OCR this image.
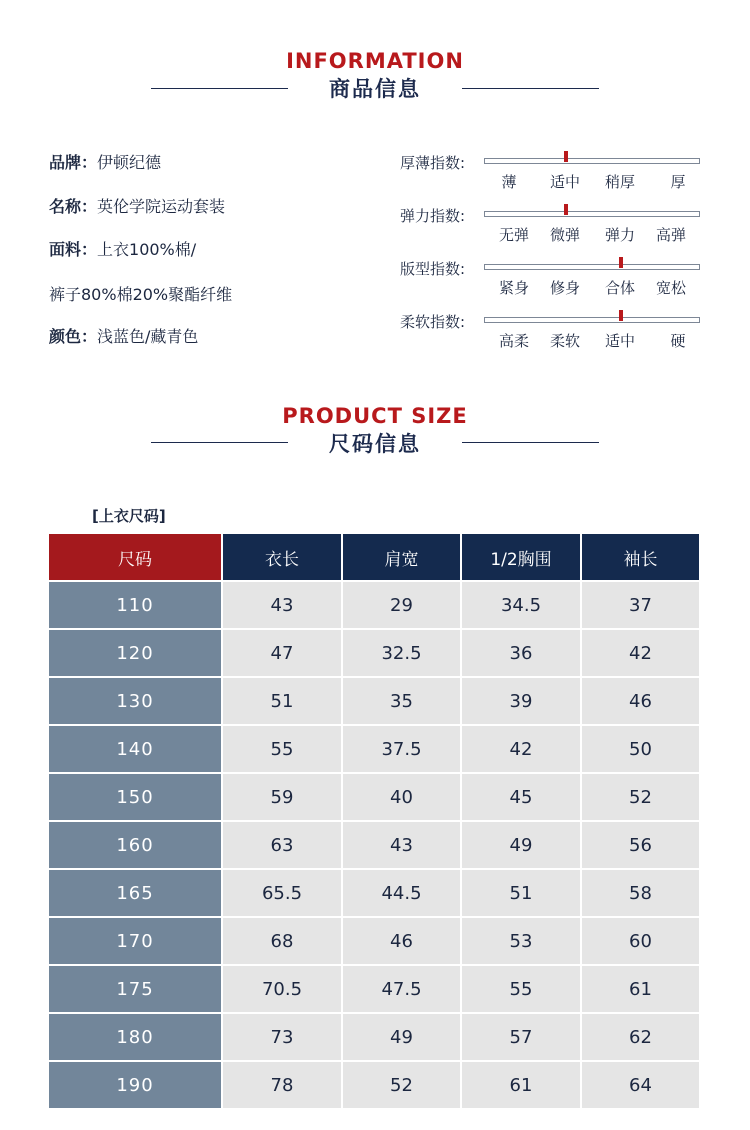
INFORMATION
商品信息
品牌：伊顿纪德
名称：英伦学院运动套装
面料：上衣100%棉/
裤子80%棉20%聚酯纤维
颜色：浅蓝色/藏青色
厚薄指数:
薄 适中 稍厚 厚
弹力指数:
无弹 微弹 弹力 高弹
版型指数:
紧身 修身 合体 宽松
柔软指数:
高柔 柔软 适中 硬
PRODUCT SIZE
尺码信息
[上衣尺码]
尺码	衣长	肩宽	1/2胸围	袖长
110	43	29	34.5	37
120	47	32.5	36	42
130	51	35	39	46
140	55	37.5	42	50
150	59	40	45	52
160	63	43	49	56
165	65.5	44.5	51	58
170	68	46	53	60
175	70.5	47.5	55	61
180	73	49	57	62
190	78	52	61	64
